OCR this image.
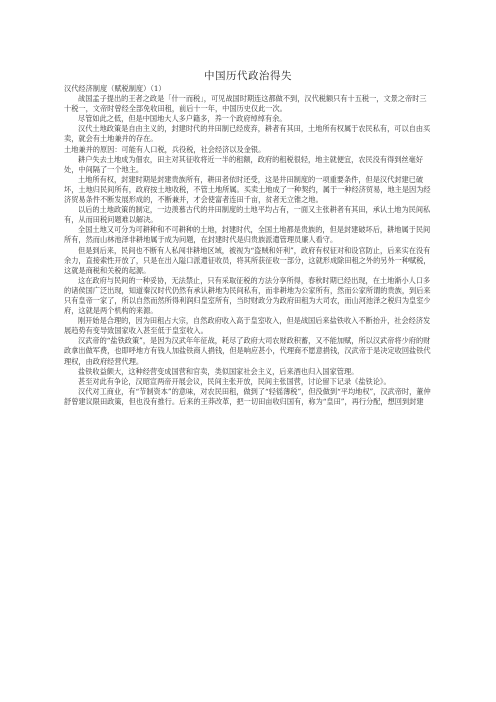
中国历代政治得失

汉代经济制度（赋税制度）（1）

战国孟子提出的王者之政是「什一而税」，可见战国时期连这都做不到，汉代税额只有十五税一，文景之帝时三十税一，文帝时曾经全部免收田租，前后十一年，中国历史仅此一次。

尽管如此之低，但是中国地大人多户籍多，养一个政府绰绰有余。

汉代土地政策是自由主义的，封建时代的井田制已经废弃，耕者有其田，土地所有权属于农民私有，可以自由买卖，就会有土地兼并的存在。

土地兼并的原因：可能有人口税，兵役税，社会经济以及金银。

耕户失去土地成为佃农，田主对其征收将近一半的租额，政府的租税很轻，地主就便宜，农民没有得到丝毫好处，中间隔了一个地主。

土地所有权，封建时期是封建贵族所有，耕田者依时还受，这是井田制度的一项重要条件，但是汉代封建已破坏，土地归民间所有，政府按土地收税，不管土地所属。买卖土地成了一种契约，属于一种经济贸易，地主是因为经济贸易条件不断发展形成的，不断兼并，才会使富者连田千亩，贫者无立锥之地。

以后的土地政策的制定，一边羡慕古代的井田制度的土地平均占有，一面又主张耕者有其田，承认土地为民间私有，从而田税问题难以解决。

全国土地又可分为可耕种和不可耕种的土地，封建时代，全国土地都是贵族的，但是封建破坏后，耕地属于民间所有，然而山林池泽非耕地属于成为问题，在封建时代是归贵族派遣管理员廉人看守。

但是到后来，民间也不断有人私闯非耕地区域，被视为“盗贼和奸利”，政府有权征对和设官防止，后来实在没有余力，直接索性开放了，只是在出入隘口派遣征收员，将其所获征收一部分，这就形成除田租之外的另外一种赋税，这就是商税和关税的起源。

这在政府与民间的一种妥协，无法禁止，只有采取征税的方法分享所得，春秋时期已经出现，在土地渐小人口多的诸侯国广泛出现，知道秦汉时代仍然有承认耕地为民间私有，而非耕地为公家所有，然而公家所谓的贵族，到后来只有皇帝一家了，所以自然而然所得利润归皇室所有，当时财政分为政府田租为大司农，而山河池泽之税归为皇室少府，这就是两个机构的来源。

刚开始是合理的，因为田租占大宗，自然政府收入高于皇室收入，但是战国后来盐铁收入不断抬升，社会经济发展趋势有变导致国家收入甚至低于皇室收入。

汉武帝的“盐铁政策”，是因为汉武年年征战，耗尽了政府大司农财政积蓄，又不能加赋，所以汉武帝将少府的财政拿出做军费，也即呼地方有钱人加盐铁商人捐钱，但是响应甚小，代理商不愿意捐钱，汉武帝于是决定收回盐铁代理权，由政府经营代理。

盐铁收益颇大，这种经营变成国营和官卖，类似国家社会主义，后来酒也归入国家管理。

甚至对此有争论，汉昭宣两帝开展会议，民间主张开放，民间主张国营，讨论留下记录《盐铁论》。

汉代对工商业，有“节制资本”的意味，对农民田租，做到了“轻徭薄税”，但没做到“平均地权”，汉武帝时，董仲舒曾建议限田政策，但也没有推行。后来的王莽改革，把一切田亩收归国有，称为“皇田”，再行分配，想回到封建
